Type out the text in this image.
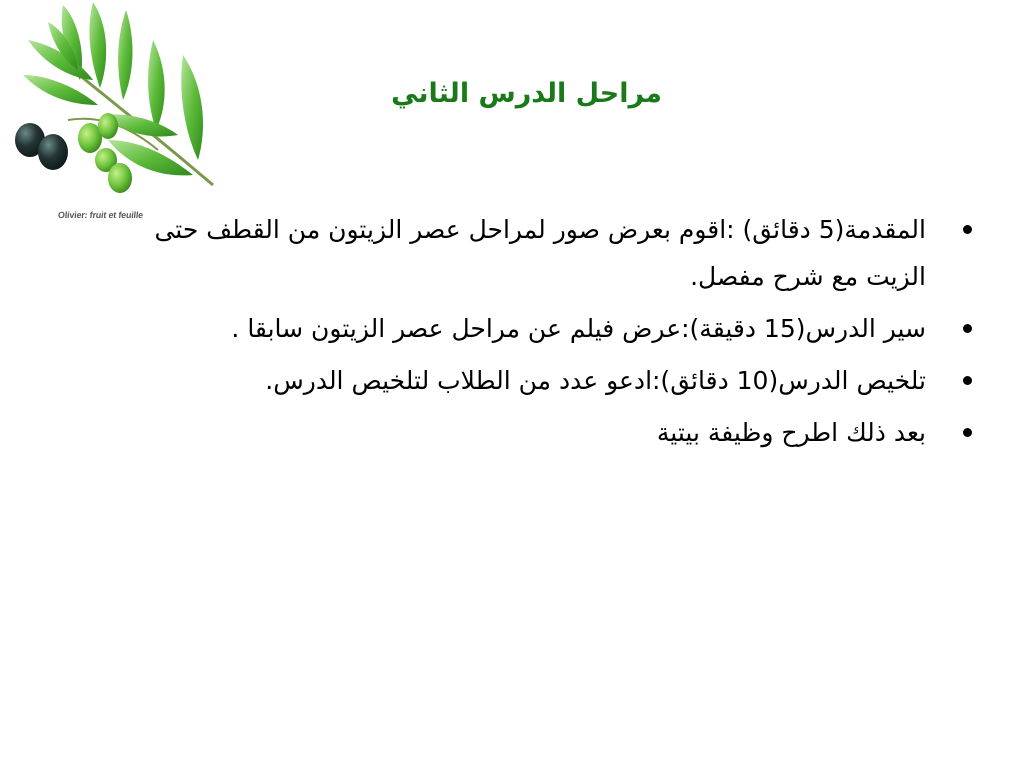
Olivier: fruit et feuille
مراحل الدرس الثاني
المقدمة(5 دقائق) :اقوم بعرض صور لمراحل عصر الزيتون من القطف حتى الزيت مع شرح مفصل.
سير الدرس(15 دقيقة):عرض فيلم عن مراحل عصر الزيتون سابقا .
تلخيص الدرس(10 دقائق):ادعو عدد من الطلاب لتلخيص الدرس.
بعد ذلك اطرح وظيفة بيتية
